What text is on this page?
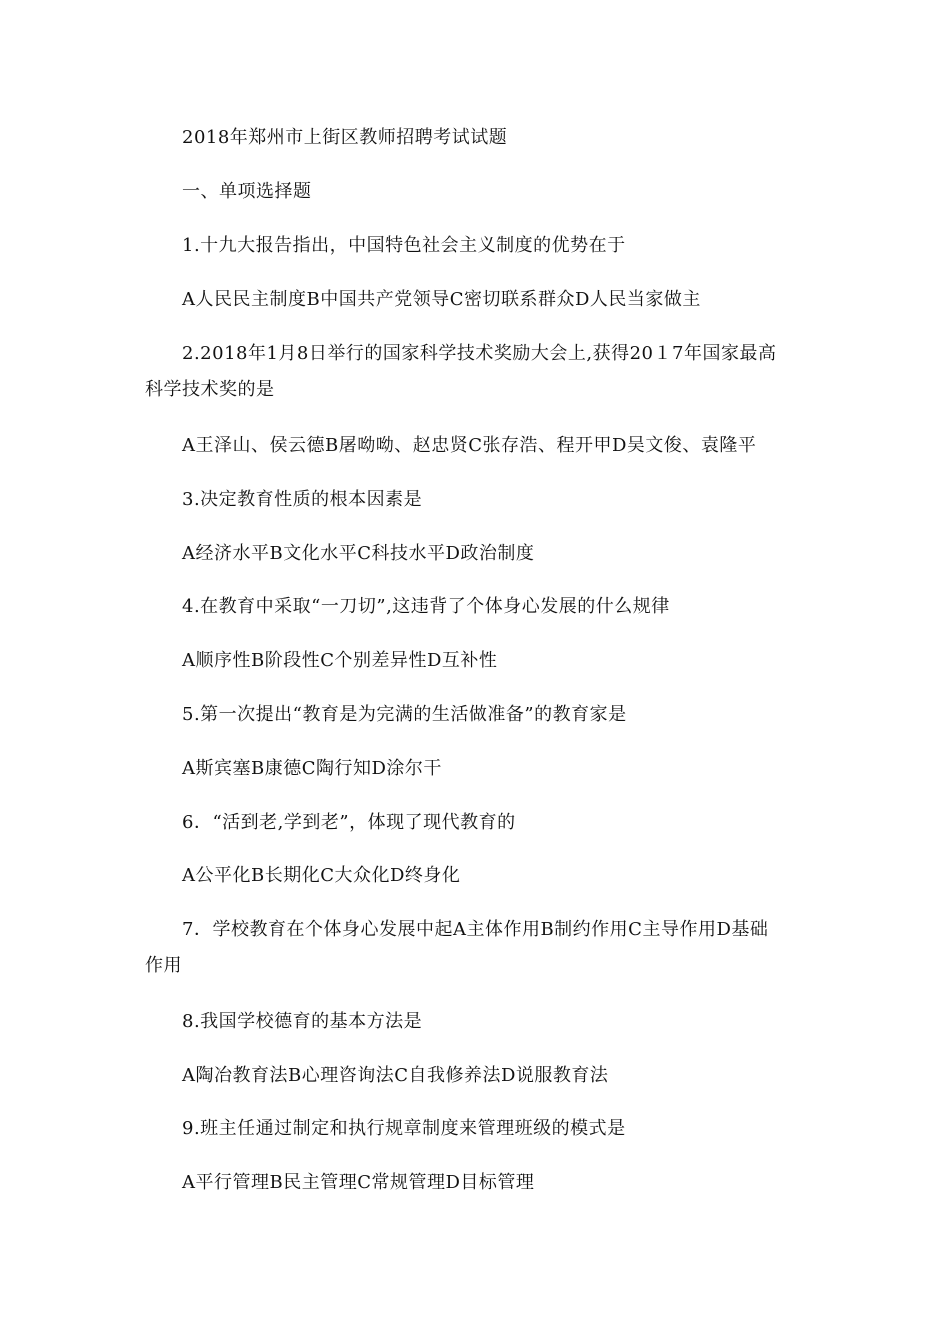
2018年郑州市上街区教师招聘考试试题
一、单项选择题
1.十九大报告指出，中国特色社会主义制度的优势在于
A人民民主制度B中国共产党领导C密切联系群众D人民当家做主
2.2018年1月8日举行的国家科学技术奖励大会上,获得20１7年国家最高科学技术奖的是
A王泽山、侯云德B屠呦呦、赵忠贤C张存浩、程开甲D吴文俊、袁隆平
3.决定教育性质的根本因素是
A经济水平B文化水平C科技水平D政治制度
4.在教育中采取“一刀切”,这违背了个体身心发展的什么规律
A顺序性B阶段性C个别差异性D互补性
5.第一次提出“教育是为完满的生活做准备”的教育家是
A斯宾塞B康德C陶行知D涂尔干
6．“活到老,学到老”，体现了现代教育的
A公平化B长期化C大众化D终身化
7．学校教育在个体身心发展中起A主体作用B制约作用C主导作用D基础作用
8.我国学校德育的基本方法是
A陶冶教育法B心理咨询法C自我修养法D说服教育法
9.班主任通过制定和执行规章制度来管理班级的模式是
A平行管理B民主管理C常规管理D目标管理
